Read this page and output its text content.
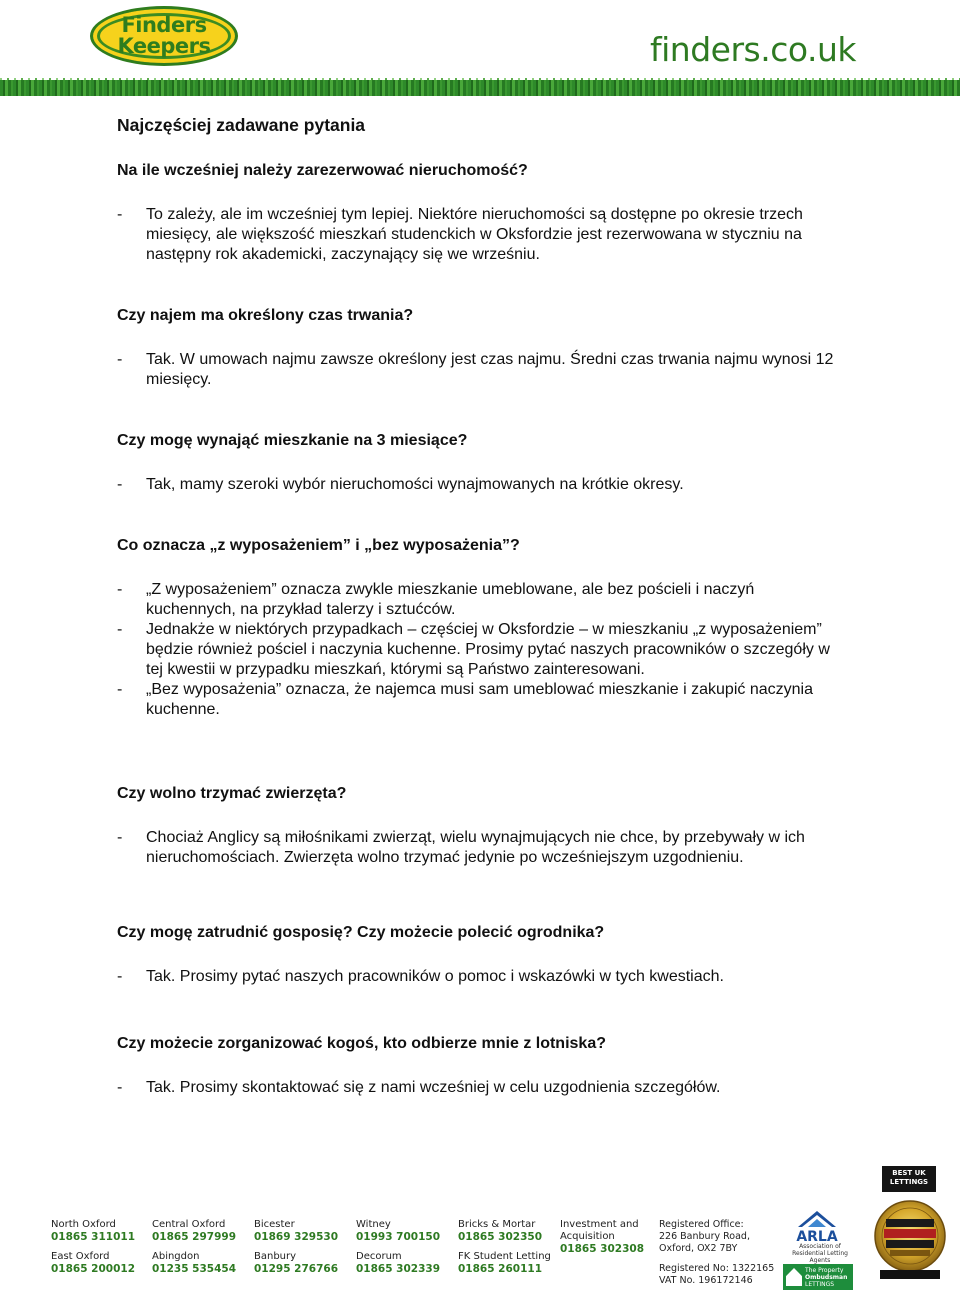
Finders
Keepers	finders.co.uk
Najczęściej zadawane pytania
Na ile wcześniej należy zarezerwować nieruchomość?
- To zależy, ale im wcześniej tym lepiej. Niektóre nieruchomości są dostępne po okresie trzech miesięcy, ale większość mieszkań studenckich w Oksfordzie jest rezerwowana w styczniu na następny rok akademicki, zaczynający się we wrześniu.
Czy najem ma określony czas trwania?
- Tak. W umowach najmu zawsze określony jest czas najmu. Średni czas trwania najmu wynosi 12 miesięcy.
Czy mogę wynająć mieszkanie na 3 miesiące?
- Tak, mamy szeroki wybór nieruchomości wynajmowanych na krótkie okresy.
Co oznacza „z wyposażeniem” i „bez wyposażenia”?
- „Z wyposażeniem” oznacza zwykle mieszkanie umeblowane, ale bez pościeli i naczyń kuchennych, na przykład talerzy i sztućców.
- Jednakże w niektórych przypadkach – częściej w Oksfordzie – w mieszkaniu „z wyposażeniem” będzie również pościel i naczynia kuchenne. Prosimy pytać naszych pracowników o szczegóły w tej kwestii w przypadku mieszkań, którymi są Państwo zainteresowani.
- „Bez wyposażenia” oznacza, że najemca musi sam umeblować mieszkanie i zakupić naczynia kuchenne.
Czy wolno trzymać zwierzęta?
- Chociaż Anglicy są miłośnikami zwierząt, wielu wynajmujących nie chce, by przebywały w ich nieruchomościach. Zwierzęta wolno trzymać jedynie po wcześniejszym uzgodnieniu.
Czy mogę zatrudnić gosposię? Czy możecie polecić ogrodnika?
- Tak. Prosimy pytać naszych pracowników o pomoc i wskazówki w tych kwestiach.
Czy możecie zorganizować kogoś, kto odbierze mnie z lotniska?
- Tak. Prosimy skontaktować się z nami wcześniej w celu uzgodnienia szczegółów.
North Oxford
01865 311011
East Oxford
01865 200012
Central Oxford
01865 297999
Abingdon
01235 535454
Bicester
01869 329530
Banbury
01295 276766
Witney
01993 700150
Decorum
01865 302339
Bricks & Mortar
01865 302350
FK Student Letting
01865 260111
Investment and
Acquisition
01865 302308
Registered Office:
226 Banbury Road,
Oxford, OX2 7BY
Registered No: 1322165
VAT No. 196172146
ARLA
Association of Residential Letting Agents
The Property
Ombudsman
LETTINGS
BEST UK
LETTINGS
